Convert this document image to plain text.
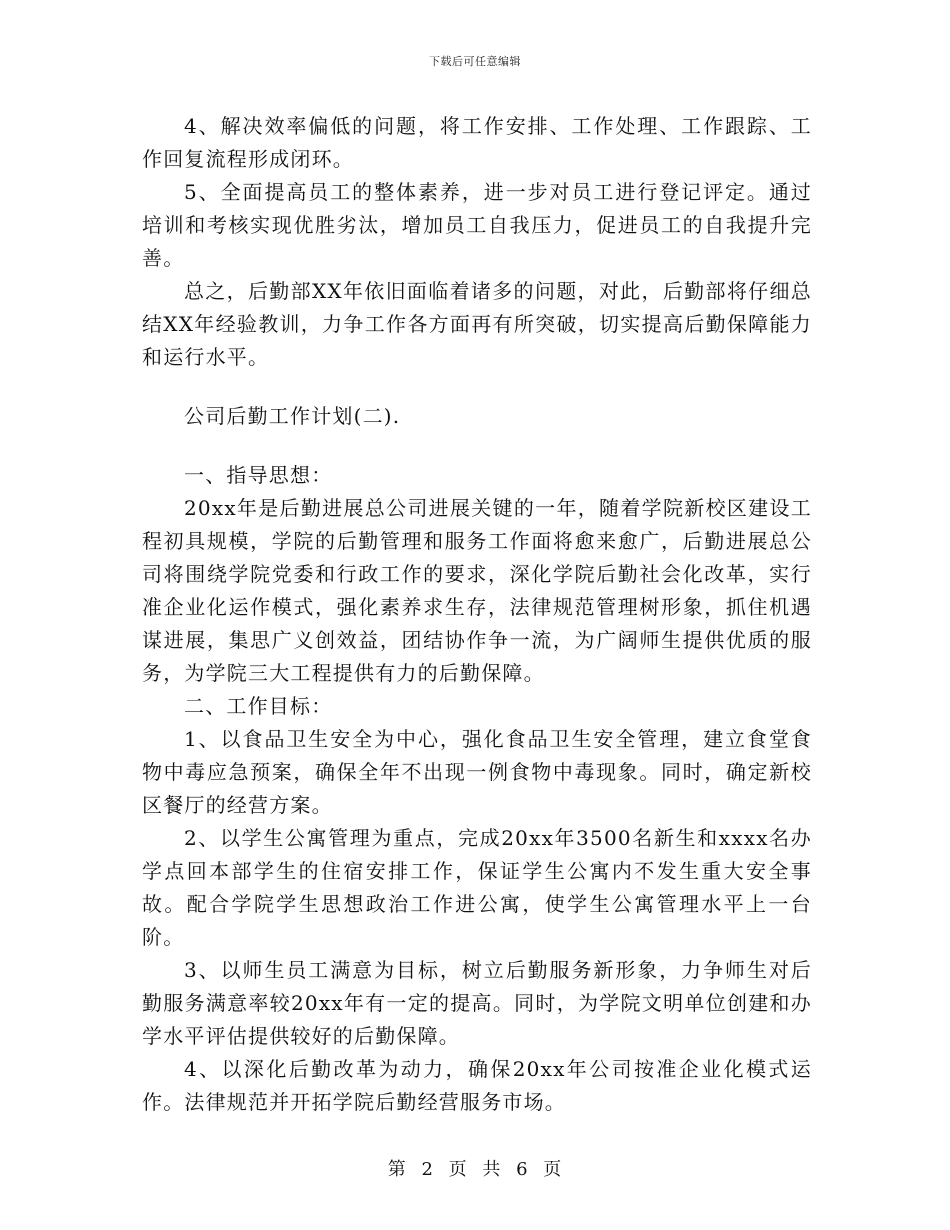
下载后可任意编辑

4、解决效率偏低的问题，将工作安排、工作处理、工作跟踪、工作回复流程形成闭环。

5、全面提高员工的整体素养，进一步对员工进行登记评定。通过培训和考核实现优胜劣汰，增加员工自我压力，促进员工的自我提升完善。

总之，后勤部XX年依旧面临着诸多的问题，对此，后勤部将仔细总结XX年经验教训，力争工作各方面再有所突破，切实提高后勤保障能力和运行水平。

公司后勤工作计划(二).

一、指导思想：

20xx年是后勤进展总公司进展关键的一年，随着学院新校区建设工程初具规模，学院的后勤管理和服务工作面将愈来愈广，后勤进展总公司将围绕学院党委和行政工作的要求，深化学院后勤社会化改革，实行准企业化运作模式，强化素养求生存，法律规范管理树形象，抓住机遇谋进展，集思广义创效益，团结协作争一流，为广阔师生提供优质的服务，为学院三大工程提供有力的后勤保障。

二、工作目标：

1、以食品卫生安全为中心，强化食品卫生安全管理，建立食堂食物中毒应急预案，确保全年不出现一例食物中毒现象。同时，确定新校区餐厅的经营方案。

2、以学生公寓管理为重点，完成20xx年3500名新生和xxxx名办学点回本部学生的住宿安排工作，保证学生公寓内不发生重大安全事故。配合学院学生思想政治工作进公寓，使学生公寓管理水平上一台阶。

3、以师生员工满意为目标，树立后勤服务新形象，力争师生对后勤服务满意率较20xx年有一定的提高。同时，为学院文明单位创建和办学水平评估提供较好的后勤保障。

4、以深化后勤改革为动力，确保20xx年公司按准企业化模式运作。法律规范并开拓学院后勤经营服务市场。

第 2 页 共 6 页
